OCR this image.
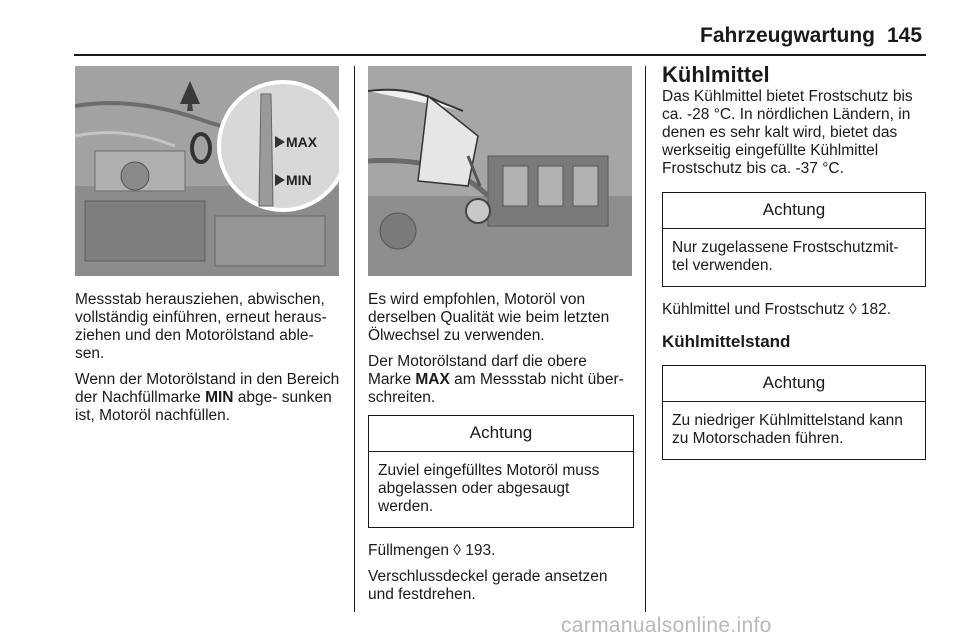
Fahrzeugwartung 145
MAX
MIN

Messstab herausziehen, abwischen, vollständig einführen, erneut heraus- ziehen und den Motorölstand able- sen.

Wenn der Motorölstand in den Bereich der Nachfüllmarke MIN abge- sunken ist, Motoröl nachfüllen.

Es wird empfohlen, Motoröl von derselben Qualität wie beim letzten Ölwechsel zu verwenden.

Der Motorölstand darf die obere Marke MAX am Messstab nicht über- schreiten.

Achtung
Zuviel eingefülltes Motoröl muss abgelassen oder abgesaugt werden.

Füllmengen ◊ 193.

Verschlussdeckel gerade ansetzen und festdrehen.

Kühlmittel

Das Kühlmittel bietet Frostschutz bis ca. -28 °C. In nördlichen Ländern, in denen es sehr kalt wird, bietet das werkseitig eingefüllte Kühlmittel Frostschutz bis ca. -37 °C.

Achtung
Nur zugelassene Frostschutzmit- tel verwenden.

Kühlmittel und Frostschutz ◊ 182.

Kühlmittelstand
Achtung
Zu niedriger Kühlmittelstand kann zu Motorschaden führen.
carmanualsonline.info
